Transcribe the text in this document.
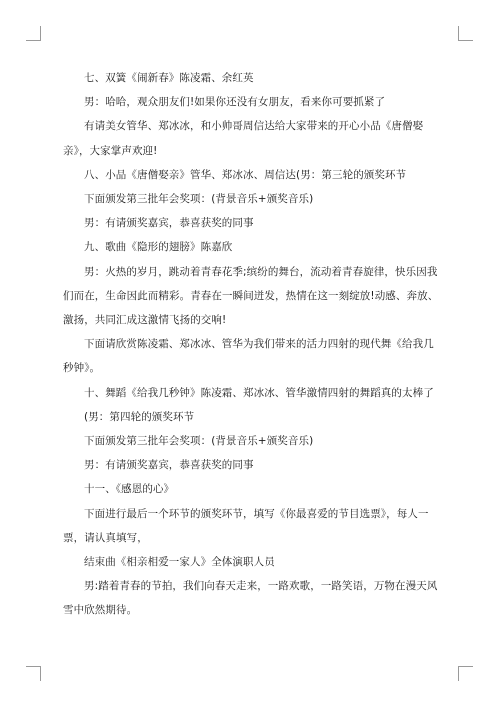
七、双簧《闹新春》陈凌霜、余红英

男：哈哈，观众朋友们!如果你还没有女朋友，看来你可要抓紧了

有请美女管华、郑冰冰，和小帅哥周信达给大家带来的开心小品《唐僧娶亲》，大家掌声欢迎!

八、小品《唐僧娶亲》管华、郑冰冰、周信达(男：第三轮的颁奖环节

下面颁发第三批年会奖项：(背景音乐+颁奖音乐)

男：有请颁奖嘉宾，恭喜获奖的同事

九、歌曲《隐形的翅膀》陈嘉欣

男：火热的岁月，跳动着青春花季;缤纷的舞台，流动着青春旋律，快乐因我们而在，生命因此而精彩。青春在一瞬间迸发，热情在这一刻绽放!动感、奔放、激扬，共同汇成这激情飞扬的交响!

下面请欣赏陈凌霜、郑冰冰、管华为我们带来的活力四射的现代舞《给我几秒钟》。

十、舞蹈《给我几秒钟》陈凌霜、郑冰冰、管华激情四射的舞蹈真的太棒了

(男：第四轮的颁奖环节

下面颁发第三批年会奖项：(背景音乐+颁奖音乐)

男：有请颁奖嘉宾，恭喜获奖的同事

十一、《感恩的心》

下面进行最后一个环节的颁奖环节，填写《你最喜爱的节目选票》，每人一票，请认真填写，

结束曲《相亲相爱一家人》全体演职人员

男:踏着青春的节拍，我们向春天走来，一路欢歌，一路笑语，万物在漫天风雪中欣然期待。
